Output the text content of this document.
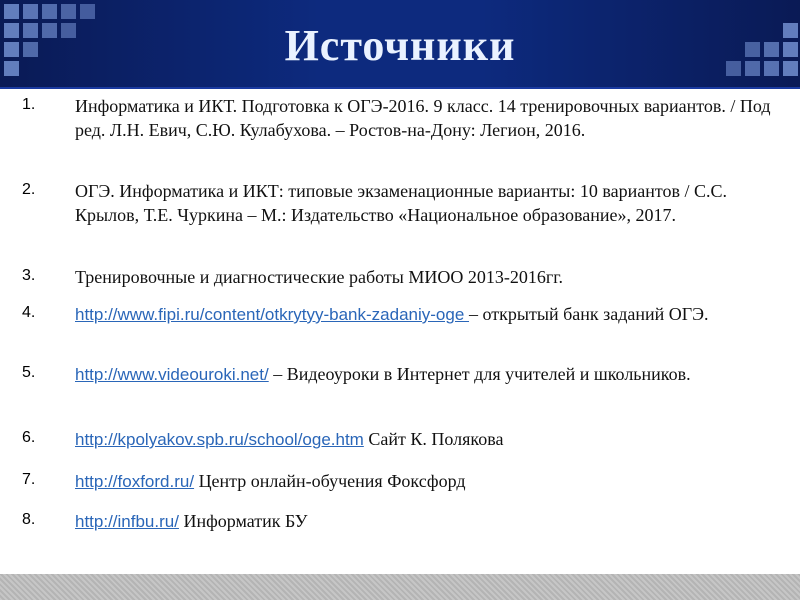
Источники
1.	Информатика и ИКТ. Подготовка к ОГЭ-2016. 9 класс. 14 тренировочных вариантов. / Под ред. Л.Н. Евич, С.Ю. Кулабухова. – Ростов-на-Дону: Легион, 2016.
2.	ОГЭ. Информатика и ИКТ: типовые экзаменационные варианты: 10 вариантов / С.С. Крылов, Т.Е. Чуркина – М.: Издательство «Национальное образование», 2017.
3.	Тренировочные и диагностические работы МИОО 2013-2016гг.
4.	http://www.fipi.ru/content/otkrytyy-bank-zadaniy-oge – открытый банк заданий ОГЭ.
5.	http://www.videouroki.net/ – Видеоуроки в Интернет для учителей и школьников.
6.	http://kpolyakov.spb.ru/school/oge.htm Сайт К. Полякова
7.	http://foxford.ru/ Центр онлайн-обучения Фоксфорд
8.	http://infbu.ru/ Информатик БУ
